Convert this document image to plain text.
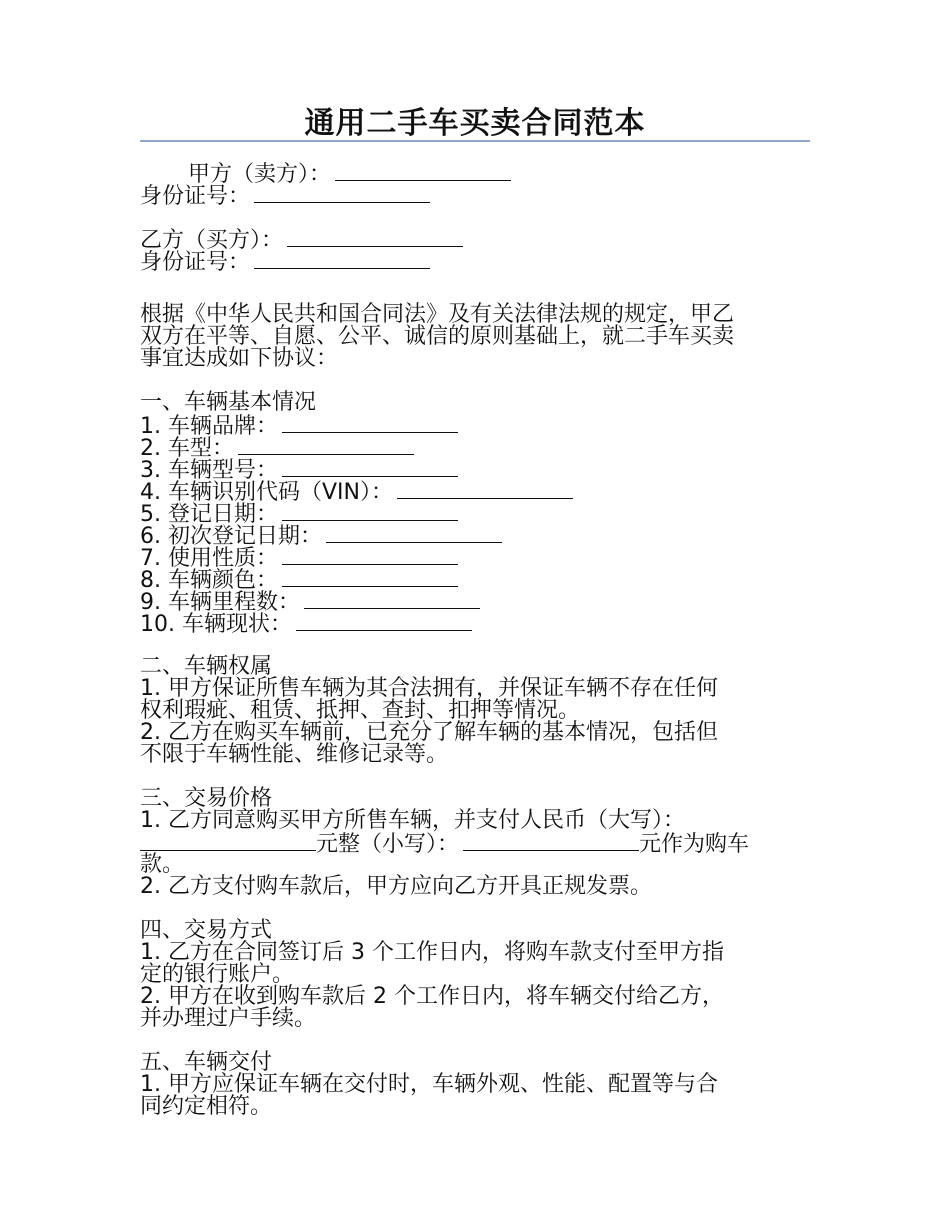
通用二手车买卖合同范本
甲方（卖方）：
身份证号：
乙方（买方）：
身份证号：
根据《中华人民共和国合同法》及有关法律法规的规定，甲乙
双方在平等、自愿、公平、诚信的原则基础上，就二手车买卖
事宜达成如下协议：
一、车辆基本情况
1. 车辆品牌：
2. 车型：
3. 车辆型号：
4. 车辆识别代码（VIN）：
5. 登记日期：
6. 初次登记日期：
7. 使用性质：
8. 车辆颜色：
9. 车辆里程数：
10. 车辆现状：
二、车辆权属
1. 甲方保证所售车辆为其合法拥有，并保证车辆不存在任何
权利瑕疵、租赁、抵押、查封、扣押等情况。
2. 乙方在购买车辆前，已充分了解车辆的基本情况，包括但
不限于车辆性能、维修记录等。
三、交易价格
1. 乙方同意购买甲方所售车辆，并支付人民币（大写）：
元整（小写）：	元作为购车
款。
2. 乙方支付购车款后，甲方应向乙方开具正规发票。
四、交易方式
1. 乙方在合同签订后 3 个工作日内，将购车款支付至甲方指
定的银行账户。
2. 甲方在收到购车款后 2 个工作日内，将车辆交付给乙方，
并办理过户手续。
五、车辆交付
1. 甲方应保证车辆在交付时，车辆外观、性能、配置等与合
同约定相符。
